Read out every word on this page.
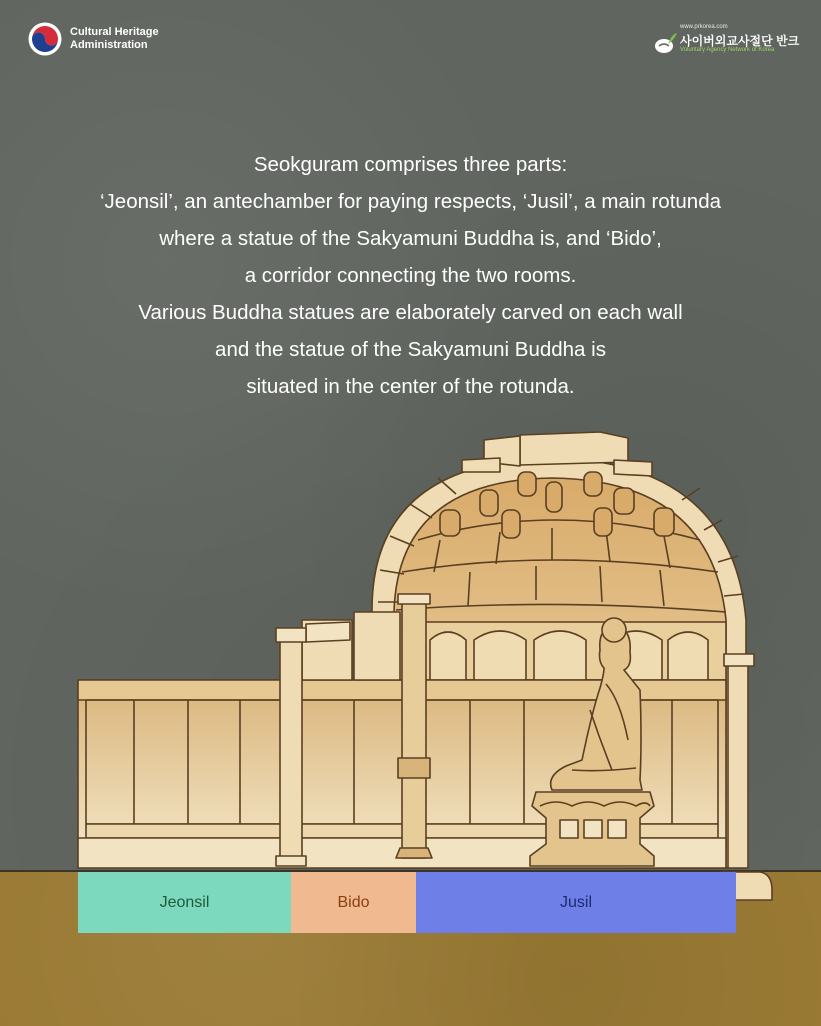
Cultural Heritage
Administration
www.prkorea.com
사이버외교사절단 반크
Voluntary Agency Network of Korea
Seokguram comprises three parts:
‘Jeonsil’, an antechamber for paying respects, ‘Jusil’, a main rotunda
where a statue of the Sakyamuni Buddha is, and ‘Bido’,
a corridor connecting the two rooms.
Various Buddha statues are elaborately carved on each wall
and the statue of the Sakyamuni Buddha is
situated in the center of the rotunda.
Jeonsil	Bido	Jusil
